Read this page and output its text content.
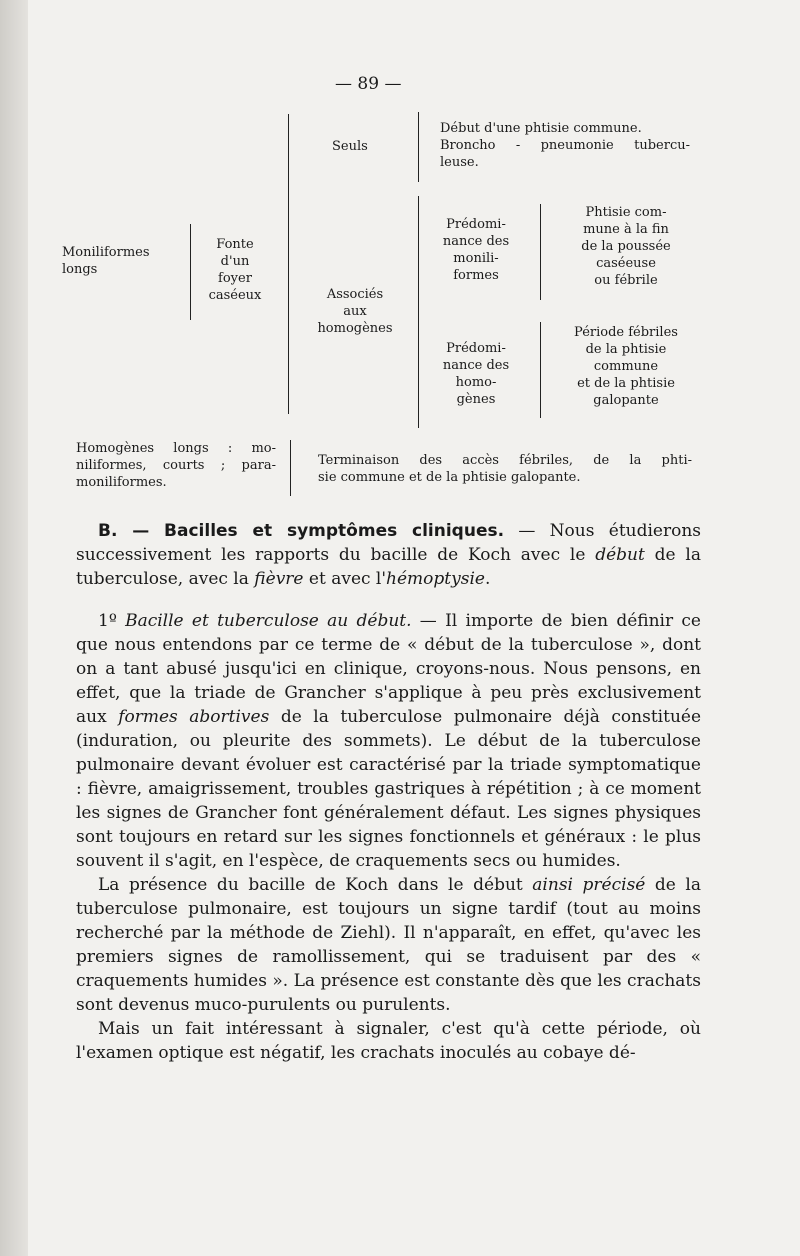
— 89 —
Moniliformes longs
Fonte
d'un
foyer
caséeux
Seuls
Début d'une phtisie commune.
Broncho - pneumonie tubercu-
leuse.
Associés
aux
homogènes
Prédomi-
nance des
monili-
formes
Phtisie com-
mune à la fin
de la poussée
caséeuse
ou fébrile
Prédomi-
nance des
homo-
gènes
Période fébriles
de la phtisie
commune
et de la phtisie
galopante
Homogènes longs : mo-
niliformes, courts ; para-
moniliformes.
Terminaison des accès fébriles, de la phti-
sie commune et de la phtisie galopante.

B. — Bacilles et symptômes cliniques. — Nous étudierons successivement les rapports du bacille de Koch avec le début de la tuberculose, avec la fièvre et avec l'hémoptysie.

1º Bacille et tuberculose au début. — Il importe de bien définir ce que nous entendons par ce terme de « début de la tuberculose », dont on a tant abusé jusqu'ici en clinique, croyons-nous. Nous pensons, en effet, que la triade de Grancher s'applique à peu près exclusivement aux formes abortives de la tuberculose pulmonaire déjà constituée (induration, ou pleurite des sommets). Le début de la tuberculose pulmonaire devant évoluer est caractérisé par la triade symptomatique : fièvre, amaigrissement, troubles gastriques à répétition ; à ce moment les signes de Grancher font généralement défaut. Les signes physiques sont toujours en retard sur les signes fonctionnels et généraux : le plus souvent il s'agit, en l'espèce, de craquements secs ou humides.

La présence du bacille de Koch dans le début ainsi précisé de la tuberculose pulmonaire, est toujours un signe tardif (tout au moins recherché par la méthode de Ziehl). Il n'apparaît, en effet, qu'avec les premiers signes de ramollissement, qui se traduisent par des « craquements humides ». La présence est constante dès que les crachats sont devenus muco-purulents ou purulents.

Mais un fait intéressant à signaler, c'est qu'à cette période, où l'examen optique est négatif, les crachats inoculés au cobaye dé-
